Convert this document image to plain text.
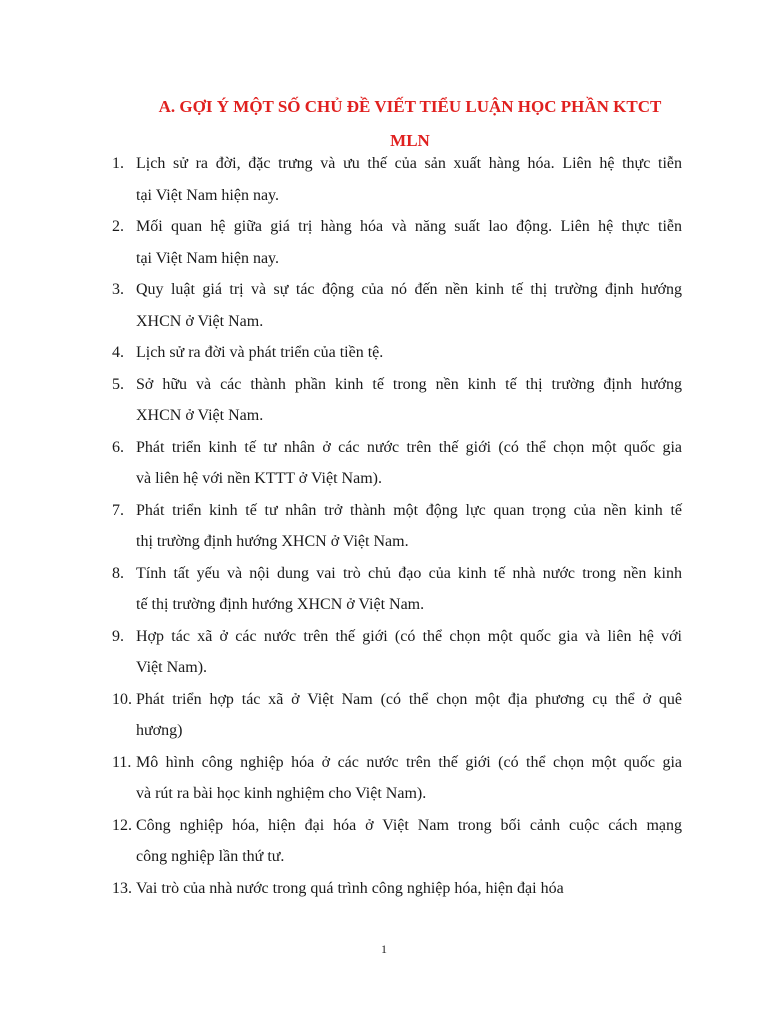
A. GỢI Ý MỘT SỐ CHỦ ĐỀ VIẾT TIỂU LUẬN HỌC PHẦN KTCT
MLN
1. Lịch sử ra đời, đặc trưng và ưu thế của sản xuất hàng hóa. Liên hệ thực tiễn
tại Việt Nam hiện nay.
2. Mối quan hệ giữa giá trị hàng hóa và năng suất lao động. Liên hệ thực tiễn
tại Việt Nam hiện nay.
3. Quy luật giá trị và sự tác động của nó đến nền kinh tế thị trường định hướng
XHCN ở Việt Nam.
4. Lịch sử ra đời và phát triển của tiền tệ.
5. Sở hữu và các thành phần kinh tế trong nền kinh tế thị trường định hướng
XHCN ở Việt Nam.
6. Phát triển kinh tế tư nhân ở các nước trên thế giới (có thể chọn một quốc gia
và liên hệ với nền KTTT ở Việt Nam).
7. Phát triển kinh tế tư nhân trở thành một động lực quan trọng của nền kinh tế
thị trường định hướng XHCN ở Việt Nam.
8. Tính tất yếu và nội dung vai trò chủ đạo của kinh tế nhà nước trong nền kinh
tế thị trường định hướng XHCN ở Việt Nam.
9. Hợp tác xã ở các nước trên thế giới (có thể chọn một quốc gia và liên hệ với
Việt Nam).
10. Phát triển hợp tác xã ở Việt Nam (có thể chọn một địa phương cụ thể ở quê
hương)
11. Mô hình công nghiệp hóa ở các nước trên thế giới (có thể chọn một quốc gia
và rút ra bài học kinh nghiệm cho Việt Nam).
12. Công nghiệp hóa, hiện đại hóa ở Việt Nam trong bối cảnh cuộc cách mạng
công nghiệp lần thứ tư.
13. Vai trò của nhà nước trong quá trình công nghiệp hóa, hiện đại hóa
1
